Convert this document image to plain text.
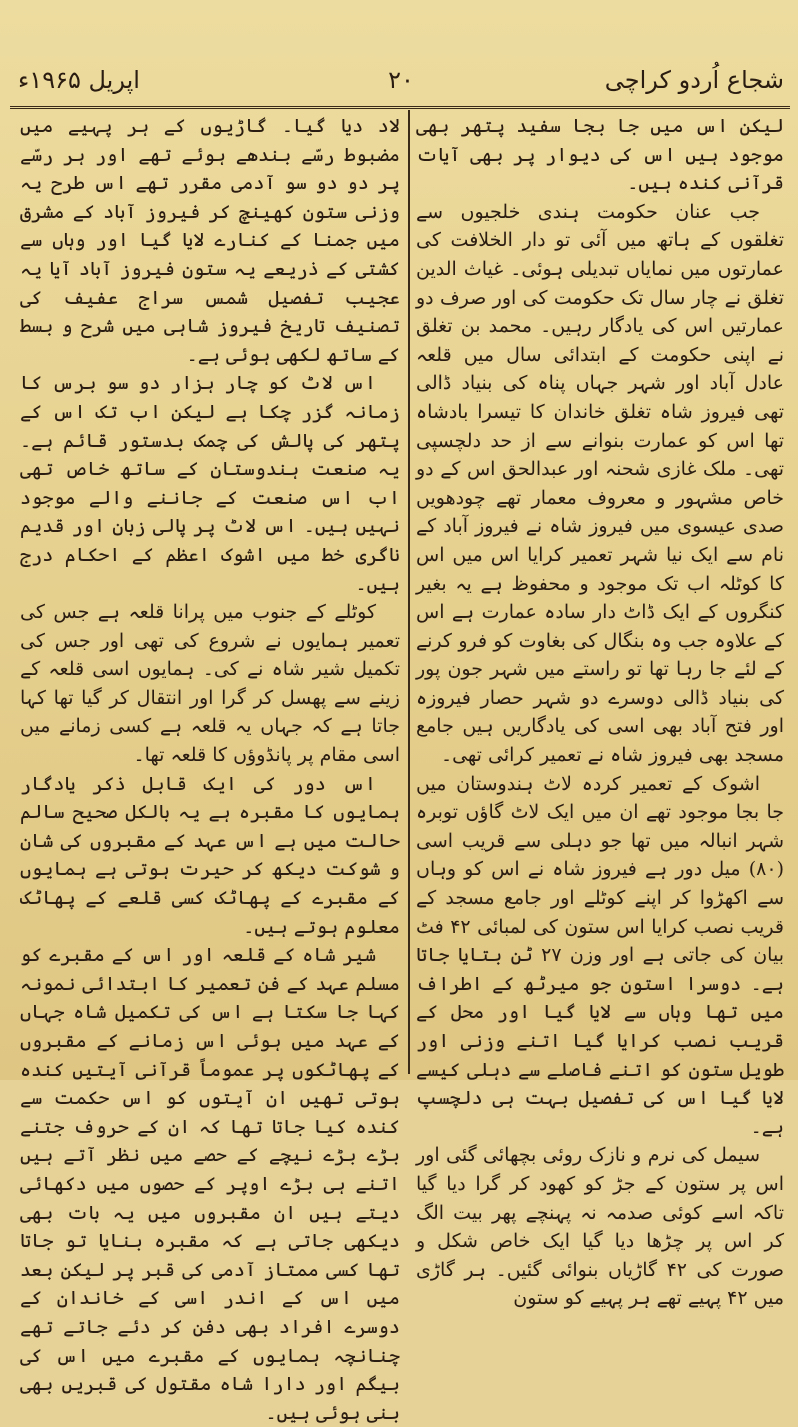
شجاع اُردو کراچی
۲۰
اپریل ۱۹۶۵ء

لیکن اس میں جا بجا سفید پتھر بھی موجود ہیں اس کی دیوار پر بھی آیات قرآنی کندہ ہیں۔

جب عنان حکومت ہندی خلجیوں سے تغلقوں کے ہاتھ میں آئی تو دار الخلافت کی عمارتوں میں نمایاں تبدیلی ہوئی۔ غیاث الدین تغلق نے چار سال تک حکومت کی اور صرف دو عمارتیں اس کی یادگار رہیں۔ محمد بن تغلق نے اپنی حکومت کے ابتدائی سال میں قلعہ عادل آباد اور شہر جہاں پناہ کی بنیاد ڈالی تھی فیروز شاہ تغلق خاندان کا تیسرا بادشاہ تھا اس کو عمارت بنوانے سے از حد دلچسپی تھی۔ ملک غازی شحنہ اور عبدالحق اس کے دو خاص مشہور و معروف معمار تھے چودھویں صدی عیسوی میں فیروز شاہ نے فیروز آباد کے نام سے ایک نیا شہر تعمیر کرایا اس میں اس کا کوٹلہ اب تک موجود و محفوظ ہے یہ بغیر کنگروں کے ایک ڈاٹ دار سادہ عمارت ہے اس کے علاوہ جب وہ بنگال کی بغاوت کو فرو کرنے کے لئے جا رہا تھا تو راستے میں شہر جون پور کی بنیاد ڈالی دوسرے دو شہر حصار فیروزہ اور فتح آباد بھی اسی کی یادگاریں ہیں جامع مسجد بھی فیروز شاہ نے تعمیر کرائی تھی۔

اشوک کے تعمیر کردہ لاٹ ہندوستان میں جا بجا موجود تھے ان میں ایک لاٹ گاؤں توبرہ شہر انبالہ میں تھا جو دہلی سے قریب اسی (۸۰) میل دور ہے فیروز شاہ نے اس کو وہاں سے اکھڑوا کر اپنے کوٹلے اور جامع مسجد کے قریب نصب کرایا اس ستون کی لمبائی ۴۲ فٹ بیان کی جاتی ہے اور وزن ۲۷ ٹن بتایا جاتا ہے۔ دوسرا استون جو میرٹھ کے اطراف میں تھا وہاں سے لایا گیا اور محل کے قریب نصب کرایا گیا اتنے وزنی اور طویل ستون کو اتنے فاصلے سے دہلی کیسے لایا گیا اس کی تفصیل بہت ہی دلچسپ ہے۔

سیمل کی نرم و نازک روئی بچھائی گئی اور اس پر ستون کے جڑ کو کھود کر گرا دیا گیا تاکہ اسے کوئی صدمہ نہ پہنچے پھر بیت الگ کر اس پر چڑھا دیا گیا ایک خاص شکل و صورت کی ۴۲ گاڑیاں بنوائی گئیں۔ ہر گاڑی میں ۴۲ پہیے تھے ہر پہیے کو ستون

لاد دیا گیا۔ گاڑیوں کے ہر پہیے میں مضبوط رسّے بندھے ہوئے تھے اور ہر رسّے پر دو دو سو آدمی مقرر تھے اس طرح یہ وزنی ستون کھینچ کر فیروز آباد کے مشرق میں جمنا کے کنارے لایا گیا اور وہاں سے کشتی کے ذریعے یہ ستون فیروز آباد آیا یہ عجیب تفصیل شمس سراج عفیف کی تصنیف تاریخ فیروز شاہی میں شرح و بسط کے ساتھ لکھی ہوئی ہے۔

اس لاٹ کو چار ہزار دو سو برس کا زمانہ گزر چکا ہے لیکن اب تک اس کے پتھر کی پالش کی چمک بدستور قائم ہے۔ یہ صنعت ہندوستان کے ساتھ خاص تھی اب اس صنعت کے جاننے والے موجود نہیں ہیں۔ اس لاٹ پر پالی زبان اور قدیم ناگری خط میں اشوک اعظم کے احکام درج ہیں۔

کوٹلے کے جنوب میں پرانا قلعہ ہے جس کی تعمیر ہمایوں نے شروع کی تھی اور جس کی تکمیل شیر شاہ نے کی۔ ہمایوں اسی قلعہ کے زینے سے پھسل کر گرا اور انتقال کر گیا تھا کہا جاتا ہے کہ جہاں یہ قلعہ ہے کسی زمانے میں اسی مقام پر پانڈوؤں کا قلعہ تھا۔

اس دور کی ایک قابل ذکر یادگار ہمایوں کا مقبرہ ہے یہ بالکل صحیح سالم حالت میں ہے اس عہد کے مقبروں کی شان و شوکت دیکھ کر حیرت ہوتی ہے ہمایوں کے مقبرے کے پھاٹک کسی قلعے کے پھاٹک معلوم ہوتے ہیں۔

شیر شاہ کے قلعہ اور اس کے مقبرے کو مسلم عہد کے فن تعمیر کا ابتدائی نمونہ کہا جا سکتا ہے اس کی تکمیل شاہ جہاں کے عہد میں ہوئی اس زمانے کے مقبروں کے پھاٹکوں پر عموماً قرآنی آیتیں کندہ ہوتی تھیں ان آیتوں کو اس حکمت سے کندہ کیا جاتا تھا کہ ان کے حروف جتنے بڑے بڑے نیچے کے حصے میں نظر آتے ہیں اتنے ہی بڑے اوپر کے حصوں میں دکھائی دیتے ہیں ان مقبروں میں یہ بات بھی دیکھی جاتی ہے کہ مقبرہ بنایا تو جاتا تھا کسی ممتاز آدمی کی قبر پر لیکن بعد میں اس کے اندر اسی کے خاندان کے دوسرے افراد بھی دفن کر دئے جاتے تھے چنانچہ ہمایوں کے مقبرے میں اس کی بیگم اور دارا شاہ مقتول کی قبریں بھی بنی ہوئی ہیں۔
